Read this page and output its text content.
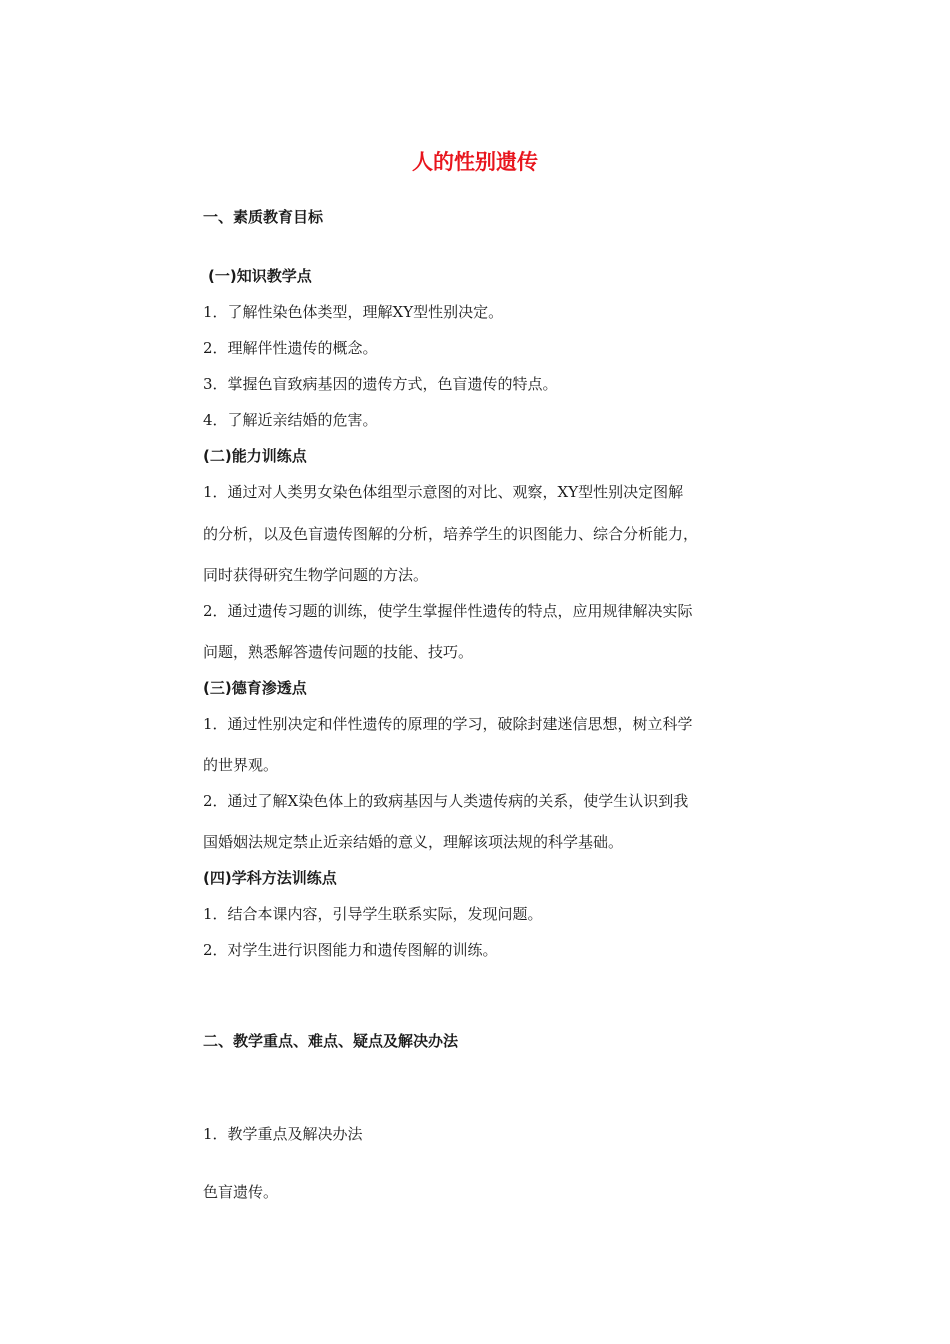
人的性别遗传
一、素质教育目标
(一)知识教学点
1．了解性染色体类型，理解XY型性别决定。
2．理解伴性遗传的概念。
3．掌握色盲致病基因的遗传方式，色盲遗传的特点。
4．了解近亲结婚的危害。
(二)能力训练点
1．通过对人类男女染色体组型示意图的对比、观察，XY型性别决定图解
的分析，以及色盲遗传图解的分析，培养学生的识图能力、综合分析能力，
同时获得研究生物学问题的方法。
2．通过遗传习题的训练，使学生掌握伴性遗传的特点，应用规律解决实际
问题，熟悉解答遗传问题的技能、技巧。
(三)德育渗透点
1．通过性别决定和伴性遗传的原理的学习，破除封建迷信思想，树立科学
的世界观。
2．通过了解X染色体上的致病基因与人类遗传病的关系，使学生认识到我
国婚姻法规定禁止近亲结婚的意义，理解该项法规的科学基础。
(四)学科方法训练点
1．结合本课内容，引导学生联系实际，发现问题。
2．对学生进行识图能力和遗传图解的训练。
二、教学重点、难点、疑点及解决办法
1．教学重点及解决办法
色盲遗传。
